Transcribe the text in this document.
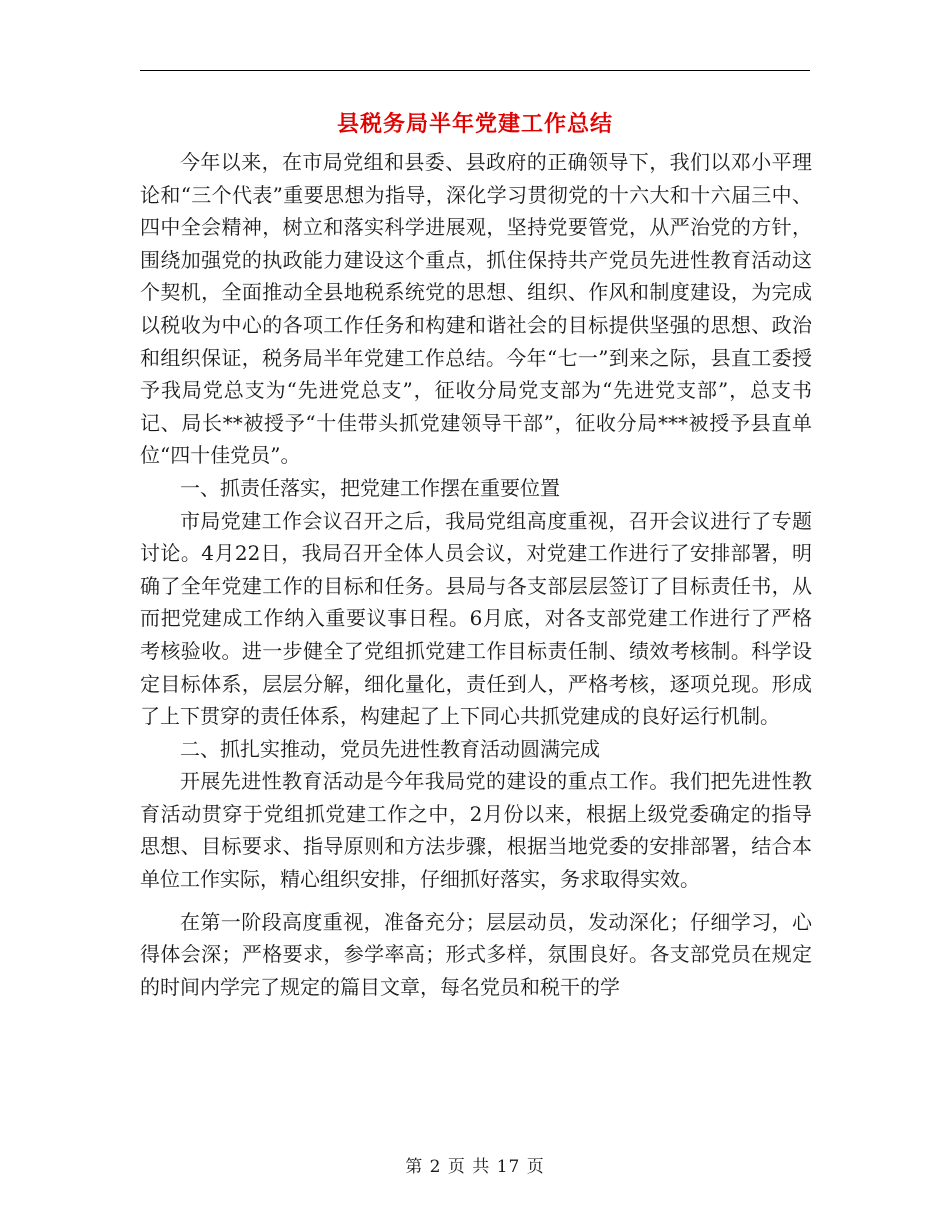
县税务局半年党建工作总结

今年以来，在市局党组和县委、县政府的正确领导下，我们以邓小平理论和“三个代表”重要思想为指导，深化学习贯彻党的十六大和十六届三中、四中全会精神，树立和落实科学进展观，坚持党要管党，从严治党的方针，围绕加强党的执政能力建设这个重点，抓住保持共产党员先进性教育活动这个契机，全面推动全县地税系统党的思想、组织、作风和制度建设，为完成以税收为中心的各项工作任务和构建和谐社会的目标提供坚强的思想、政治和组织保证，税务局半年党建工作总结。今年“七一”到来之际，县直工委授予我局党总支为“先进党总支”，征收分局党支部为“先进党支部”，总支书记、局长**被授予“十佳带头抓党建领导干部”，征收分局***被授予县直单位“四十佳党员”。

一、抓责任落实，把党建工作摆在重要位置

市局党建工作会议召开之后，我局党组高度重视，召开会议进行了专题讨论。4月22日，我局召开全体人员会议，对党建工作进行了安排部署，明确了全年党建工作的目标和任务。县局与各支部层层签订了目标责任书，从而把党建成工作纳入重要议事日程。6月底，对各支部党建工作进行了严格考核验收。进一步健全了党组抓党建工作目标责任制、绩效考核制。科学设定目标体系，层层分解，细化量化，责任到人，严格考核，逐项兑现。形成了上下贯穿的责任体系，构建起了上下同心共抓党建成的良好运行机制。

二、抓扎实推动，党员先进性教育活动圆满完成

开展先进性教育活动是今年我局党的建设的重点工作。我们把先进性教育活动贯穿于党组抓党建工作之中，2月份以来，根据上级党委确定的指导思想、目标要求、指导原则和方法步骤，根据当地党委的安排部署，结合本单位工作实际，精心组织安排，仔细抓好落实，务求取得实效。

在第一阶段高度重视，准备充分；层层动员，发动深化；仔细学习，心得体会深；严格要求，参学率高；形式多样，氛围良好。各支部党员在规定的时间内学完了规定的篇目文章，每名党员和税干的学

第 2 页 共 17 页
